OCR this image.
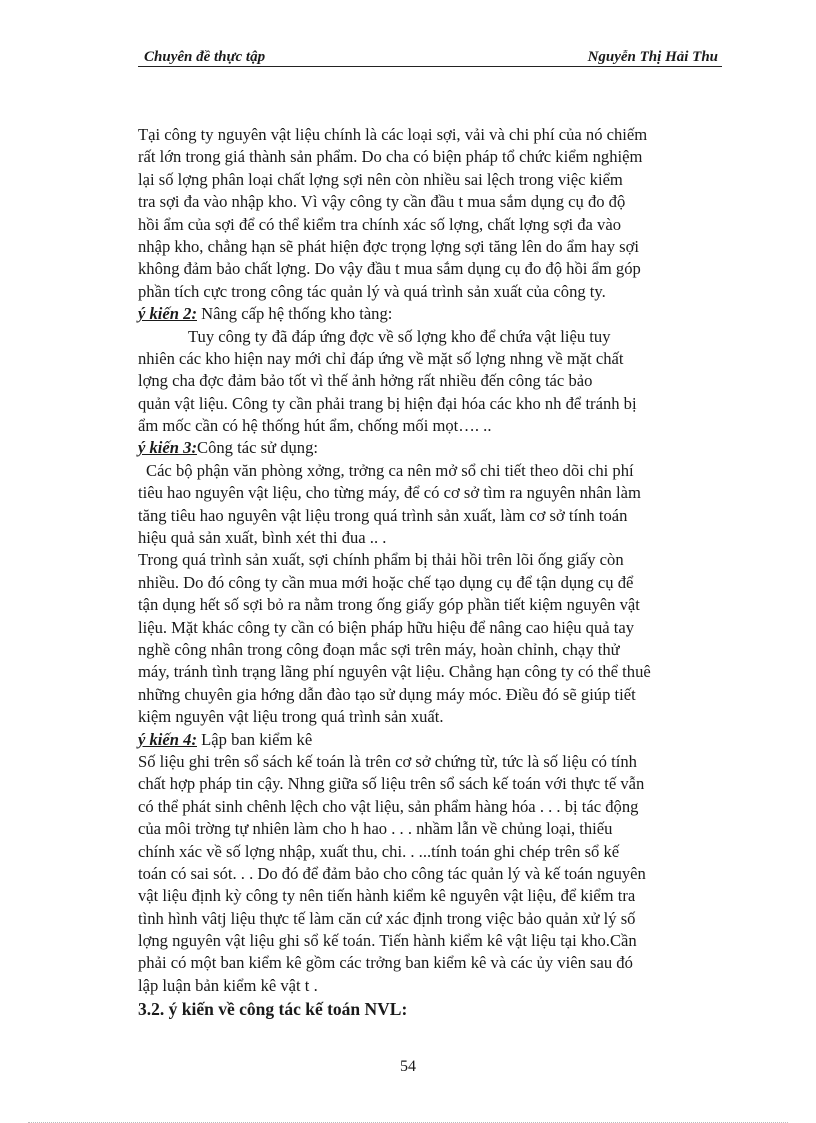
Chuyên đề thực tập	Nguyễn Thị Hải Thu
Tại công ty nguyên vật liệu chính là các loại sợi, vải và chi phí của nó chiếm
rất lớn trong giá thành sản phẩm. Do cha có biện pháp tổ chức kiểm nghiệm
lại số lợng phân loại chất lợng sợi nên còn nhiều sai lệch trong việc kiểm
tra sợi đa vào nhập kho. Vì vậy công ty cần đầu t mua sắm dụng cụ đo độ
hồi ẩm của sợi để có thể kiểm tra chính xác số lợng, chất lợng sợi đa vào
nhập kho, chẳng hạn sẽ phát hiện đợc trọng lợng sợi tăng lên do ẩm hay sợi
không đảm bảo chất lợng. Do vậy đầu t mua sắm dụng cụ đo độ hồi ẩm góp
phần tích cực trong công tác quản lý và quá trình sản xuất của công ty.
ý kiến 2: Nâng cấp hệ thống kho tàng:
Tuy công ty đã đáp ứng đợc về số lợng kho để chứa vật liệu tuy
nhiên các kho hiện nay mới chỉ đáp ứng về mặt số lợng nhng về mặt chất
lợng cha đợc đảm bảo tốt vì thế ảnh hởng rất nhiều đến công tác bảo
quản vật liệu. Công ty cần phải trang bị hiện đại hóa các kho nh để tránh bị
ẩm mốc cần có hệ thống hút ẩm, chống mối mọt…. ..
ý kiến 3:Công tác sử dụng:
Các bộ phận văn phòng xởng, trởng ca nên mở sổ chi tiết theo dõi chi phí
tiêu hao nguyên vật liệu, cho từng máy, để có cơ sở tìm ra nguyên nhân làm
tăng tiêu hao nguyên vật liệu trong quá trình sản xuất, làm cơ sở tính toán
hiệu quả sản xuất, bình xét thi đua .. .
Trong quá trình sản xuất, sợi chính phẩm bị thải hồi trên lõi ống giấy còn
nhiều. Do đó công ty cần mua mới hoặc chế tạo dụng cụ để tận dụng cụ để
tận dụng hết số sợi bỏ ra nằm trong ống giấy góp phần tiết kiệm nguyên vật
liệu. Mặt khác công ty cần có biện pháp hữu hiệu để nâng cao hiệu quả tay
nghề công nhân trong công đoạn mắc sợi trên máy, hoàn chỉnh, chạy thử
máy, tránh tình trạng lãng phí nguyên vật liệu. Chẳng hạn công ty có thể thuê
những chuyên gia hớng dẫn đào tạo sử dụng máy móc. Điều đó sẽ giúp tiết
kiệm nguyên vật liệu trong quá trình sản xuất.
ý kiến 4: Lập ban kiểm kê
Số liệu ghi trên sổ sách kế toán là trên cơ sở chứng từ, tức là số liệu có tính
chất hợp pháp tin cậy. Nhng giữa số liệu trên sổ sách kế toán với thực tế vẫn
có thể phát sinh chênh lệch cho vật liệu, sản phẩm hàng hóa . . . bị tác động
của môi trờng tự nhiên làm cho h hao . . . nhầm lẫn về chủng loại, thiếu
chính xác về số lợng nhập, xuất thu, chi. . ...tính toán ghi chép trên sổ kế
toán có sai sót. . . Do đó để đảm bảo cho công tác quản lý và kế toán nguyên
vật liệu định kỳ công ty nên tiến hành kiểm kê nguyên vật liệu, để kiểm tra
tình hình vâtj liệu thực tế làm căn cứ xác định trong việc bảo quản xử lý số
lợng nguyên vật liệu ghi sổ kế toán. Tiến hành kiểm kê vật liệu tại kho.Cần
phải có một ban kiểm kê gồm các trởng ban kiểm kê và các ủy viên sau đó
lập luận bản kiểm kê vật t .
3.2. ý kiến về công tác kế toán NVL:
54
